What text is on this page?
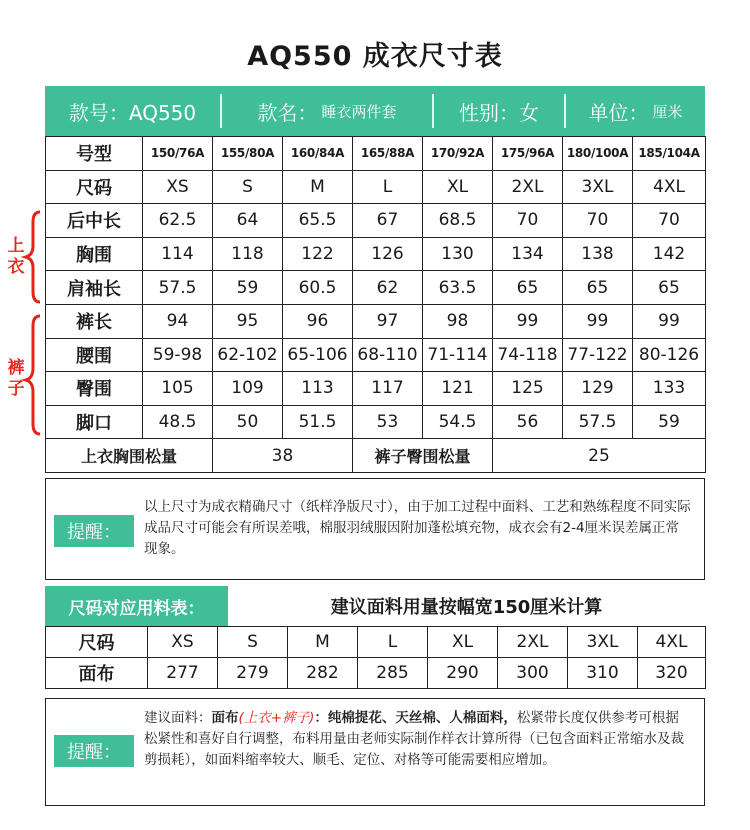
AQ550 成衣尺寸表
款号：AQ550	款名： 睡衣两件套	性别：女 单位： 厘米
上
衣
裤
子
号型	150/76A	155/80A	160/84A	165/88A	170/92A	175/96A	180/100A	185/104A
尺码	XS	S	M	L	XL	2XL	3XL	4XL
后中长	62.5	64	65.5	67	68.5	70	70	70
胸围	114	118	122	126	130	134	138	142
肩袖长	57.5	59	60.5	62	63.5	65	65	65
裤长	94	95	96	97	98	99	99	99
腰围	59-98	62-102	65-106	68-110	71-114	74-118	77-122	80-126
臀围	105	109	113	117	121	125	129	133
脚口	48.5	50	51.5	53	54.5	56	57.5	59
上衣胸围松量		38		裤子臀围松量		25		
提醒：
以上尺寸为成衣精确尺寸（纸样净版尺寸），由于加工过程中面料、工艺和熟练程度不同实际成品尺寸可能会有所误差哦，棉服羽绒服因附加蓬松填充物，成衣会有2-4厘米误差属正常现象。
尺码对应用料表：	建议面料用量按幅宽150厘米计算
尺码	XS	S	M	L	XL	2XL	3XL	4XL
面布	277	279	282	285	290	300	310	320
提醒：
建议面料：面布(上衣+裤子)：纯棉提花、天丝棉、人棉面料，松紧带长度仅供参考可根据松紧性和喜好自行调整，布料用量由老师实际制作样衣计算所得（已包含面料正常缩水及裁剪损耗），如面料缩率较大、顺毛、定位、对格等可能需要相应增加。
